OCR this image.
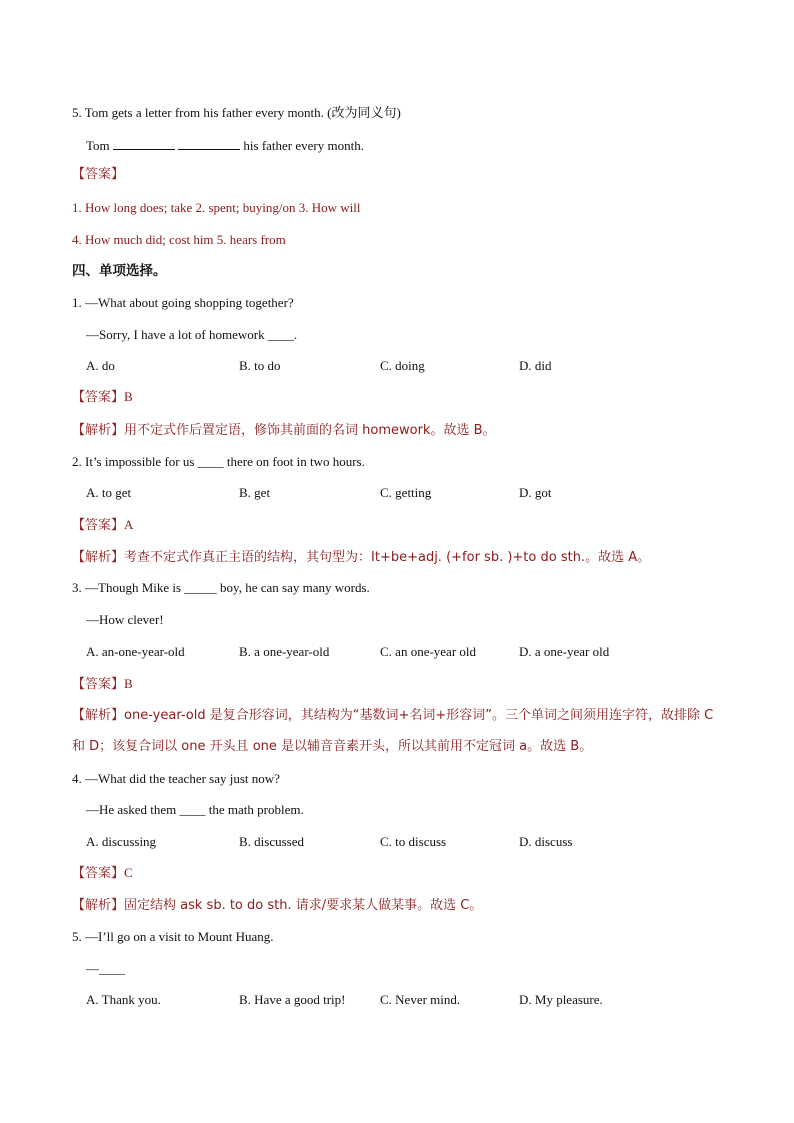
5. Tom gets a letter from his father every month. (改为同义句)
Tom	his father every month.
【答案】
1. How long does; take 2. spent; buying/on 3. How will
4. How much did; cost him 5. hears from
四、单项选择。
1. —What about going shopping together?
—Sorry, I have a lot of homework ____.
A. do	B. to do	C. doing	D. did
【答案】B
【解析】用不定式作后置定语，修饰其前面的名词 homework。故选 B。
2. It’s impossible for us ____ there on foot in two hours.
A. to get	B. get	C. getting	D. got
【答案】A
【解析】考查不定式作真正主语的结构，其句型为：It+be+adj. (+for sb. )+to do sth.。故选 A。
3. —Though Mike is _____ boy, he can say many words.
—How clever!
A. an-one-year-old	B. a one-year-old	C. an one-year old	D. a one-year old
【答案】B
【解析】one-year-old 是复合形容词，其结构为“基数词+名词+形容词”。三个单词之间须用连字符，故排除 C
和 D；该复合词以 one 开头且 one 是以辅音音素开头，所以其前用不定冠词 a。故选 B。
4. —What did the teacher say just now?
—He asked them ____ the math problem.
A. discussing	B. discussed	C. to discuss	D. discuss
【答案】C
【解析】固定结构 ask sb. to do sth. 请求/要求某人做某事。故选 C。
5. —I’ll go on a visit to Mount Huang.
—____
A. Thank you.	B. Have a good trip!	C. Never mind.	D. My pleasure.
